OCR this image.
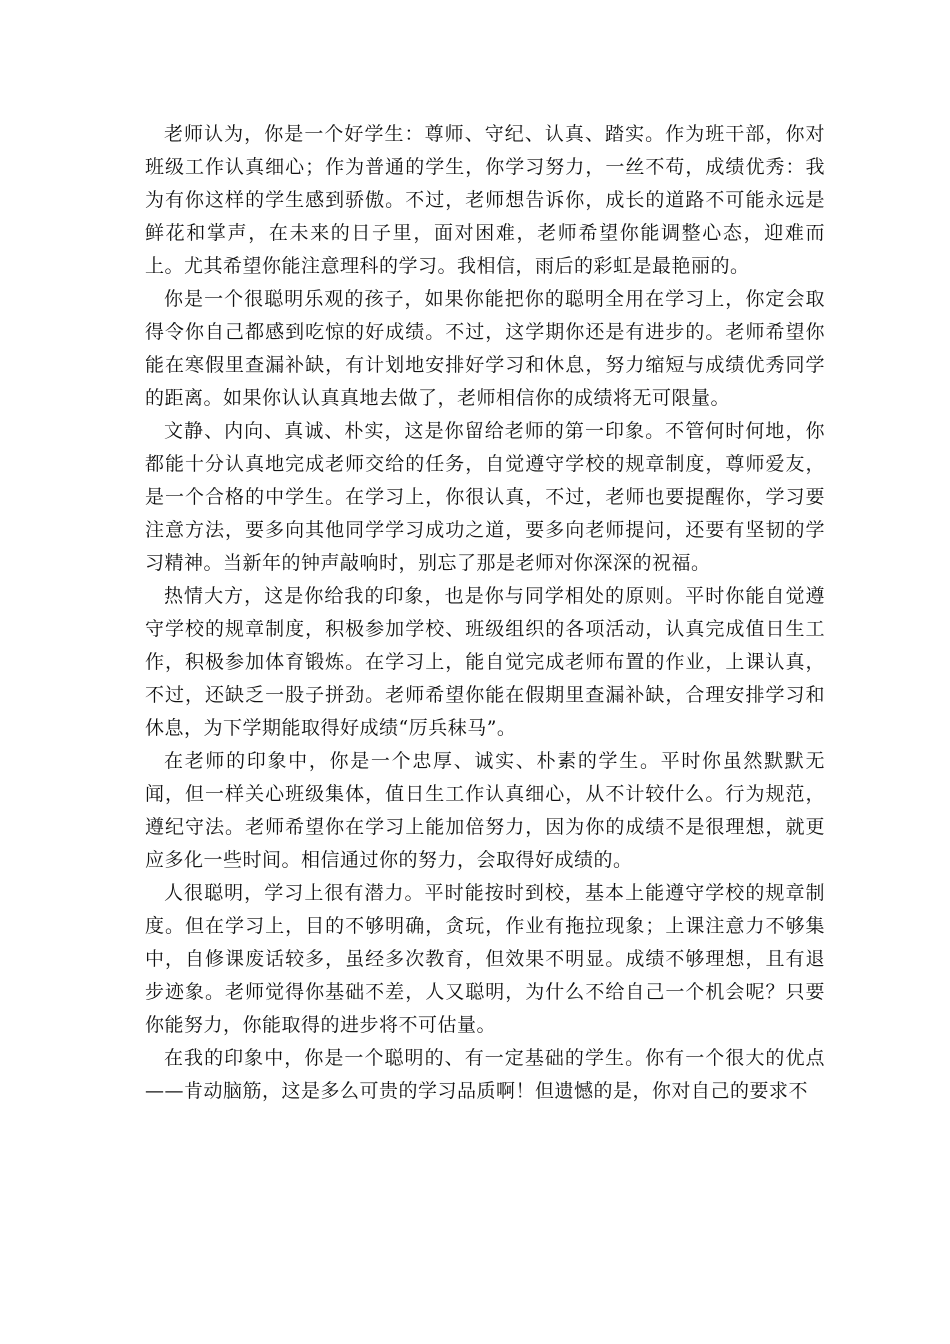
老师认为，你是一个好学生：尊师、守纪、认真、踏实。作为班干部，你对班级工作认真细心；作为普通的学生，你学习努力，一丝不苟，成绩优秀：我为有你这样的学生感到骄傲。不过，老师想告诉你，成长的道路不可能永远是鲜花和掌声，在未来的日子里，面对困难，老师希望你能调整心态，迎难而上。尤其希望你能注意理科的学习。我相信，雨后的彩虹是最艳丽的。

你是一个很聪明乐观的孩子，如果你能把你的聪明全用在学习上，你定会取得令你自己都感到吃惊的好成绩。不过，这学期你还是有进步的。老师希望你能在寒假里查漏补缺，有计划地安排好学习和休息，努力缩短与成绩优秀同学的距离。如果你认认真真地去做了，老师相信你的成绩将无可限量。

文静、内向、真诚、朴实，这是你留给老师的第一印象。不管何时何地，你都能十分认真地完成老师交给的任务，自觉遵守学校的规章制度，尊师爱友，是一个合格的中学生。在学习上，你很认真，不过，老师也要提醒你，学习要注意方法，要多向其他同学学习成功之道，要多向老师提问，还要有坚韧的学习精神。当新年的钟声敲响时，别忘了那是老师对你深深的祝福。

热情大方，这是你给我的印象，也是你与同学相处的原则。平时你能自觉遵守学校的规章制度，积极参加学校、班级组织的各项活动，认真完成值日生工作，积极参加体育锻炼。在学习上，能自觉完成老师布置的作业，上课认真，不过，还缺乏一股子拼劲。老师希望你能在假期里查漏补缺，合理安排学习和休息，为下学期能取得好成绩“厉兵秣马”。

在老师的印象中，你是一个忠厚、诚实、朴素的学生。平时你虽然默默无闻，但一样关心班级集体，值日生工作认真细心，从不计较什么。行为规范，遵纪守法。老师希望你在学习上能加倍努力，因为你的成绩不是很理想，就更应多化一些时间。相信通过你的努力，会取得好成绩的。

人很聪明，学习上很有潜力。平时能按时到校，基本上能遵守学校的规章制度。但在学习上，目的不够明确，贪玩，作业有拖拉现象；上课注意力不够集中，自修课废话较多，虽经多次教育，但效果不明显。成绩不够理想，且有退步迹象。老师觉得你基础不差，人又聪明，为什么不给自己一个机会呢？只要你能努力，你能取得的进步将不可估量。

在我的印象中，你是一个聪明的、有一定基础的学生。你有一个很大的优点——肯动脑筋，这是多么可贵的学习品质啊！但遗憾的是，你对自己的要求不
